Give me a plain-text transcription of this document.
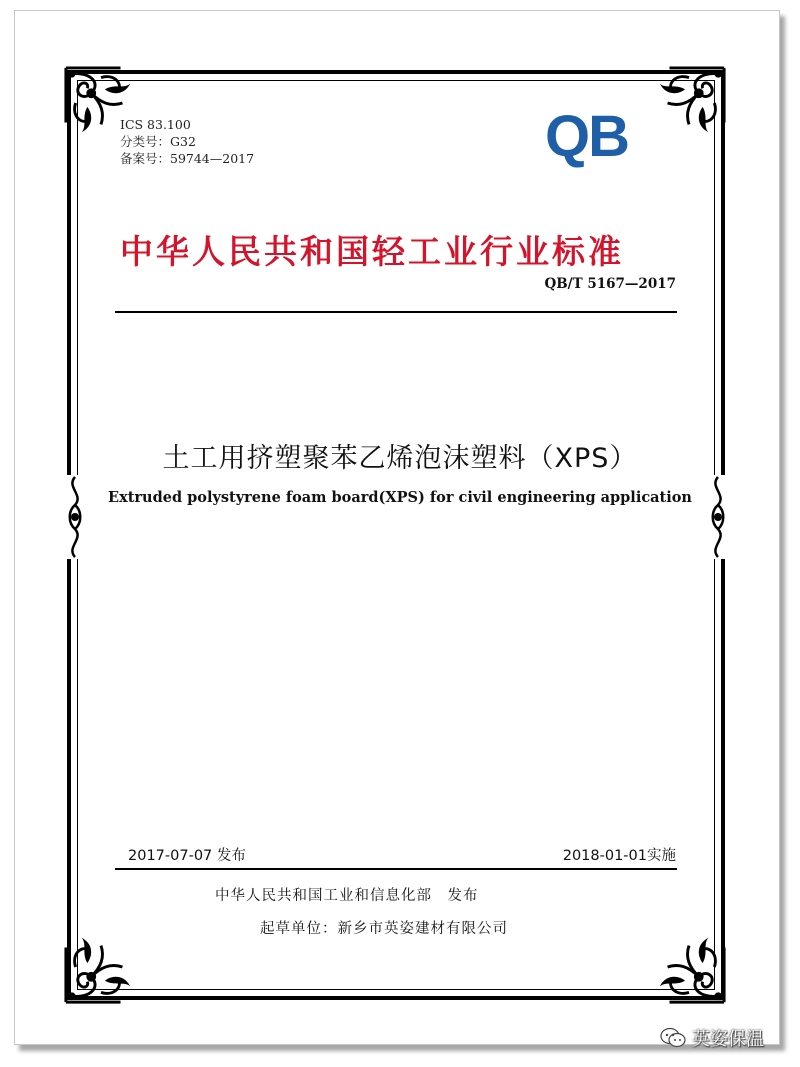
ICS 83.100
分类号：G32
备案号：59744—2017	QB
中华人民共和国轻工业行业标准
QB/T 5167—2017
土工用挤塑聚苯乙烯泡沫塑料（XPS）
Extruded polystyrene foam board(XPS) for civil engineering application
2017-07-07 发布	2018-01-01实施
中华人民共和国工业和信息化部　发布
起草单位：新乡市英姿建材有限公司
英姿保温
